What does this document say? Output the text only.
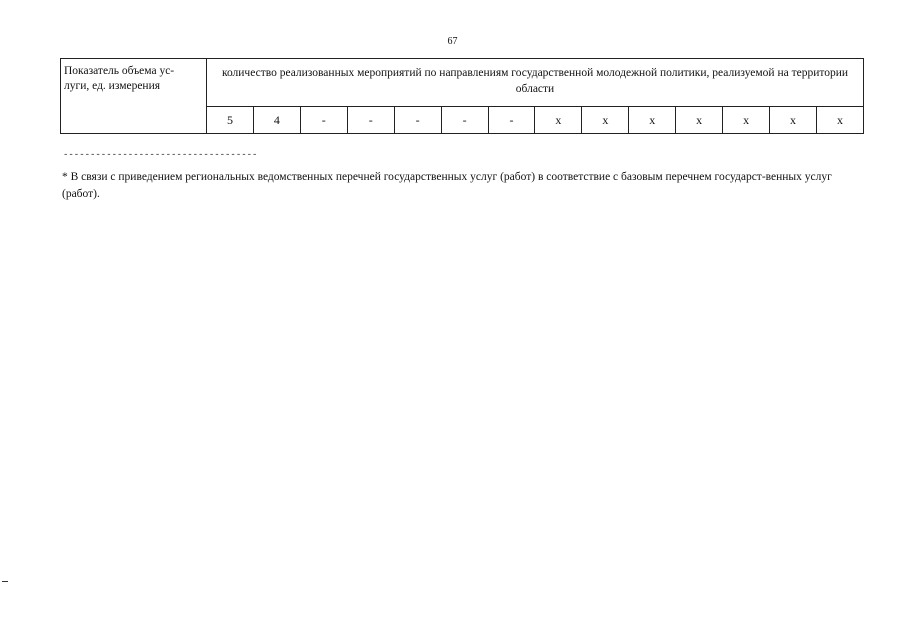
67
Показатель объема ус-
луги, ед. измерения	количество реализованных мероприятий по направлениям государственной молодежной политики, реализуемой на территории области													
	5	4	-	-	-	-	-	x	x	x	x	x	x	x
------------------------------------
* В связи с приведением региональных ведомственных перечней государственных услуг (работ) в соответствие с базовым перечнем государст-венных услуг (работ).
